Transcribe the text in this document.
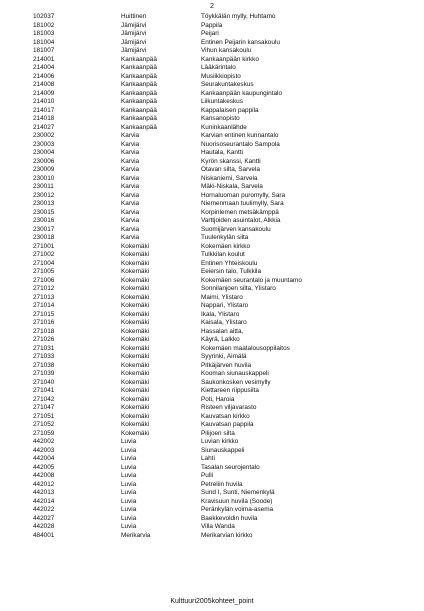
2
102037	Huittinen	Töykkälän mylly, Huhtamo
181002	Jämijärvi	Pappila
181003	Jämijärvi	Peijari
181004	Jämijärvi	Entinen Peijarin kansakoulu
181007	Jämijärvi	Vihun kansakoulu
214001	Kankaanpää	Kankaanpään kirkko
214004	Kankaanpää	Lääkärintalo
214006	Kankaanpää	Musiikkiopisto
214008	Kankaanpää	Seurakuntakeskus
214009	Kankaanpää	Kankaanpään kaupungintalo
214010	Kankaanpää	Liikuntakeskus
214017	Kankaanpää	Kappalaisen pappila
214018	Kankaanpää	Kansanopisto
214027	Kankaanpää	Kuninkaanlähde
230002	Karvia	Karvian entinen kunnantalo
230003	Karvia	Nuorisoseurantalo Sampola
230004	Karvia	Hautala, Kantti
230006	Karvia	Kyrön skanssi, Kantti
230009	Karvia	Otavan silta, Sarvela
230010	Karvia	Niskaniemi, Sarvela
230011	Karvia	Mäki-Niskala, Sarvela
230012	Karvia	Hornaluoman puromylly, Sara
230013	Karvia	Niemenmaan tuulimylly, Sara
230015	Karvia	Korpinlemen metsäkämppä
230016	Karvia	Varttjoiden asuintalot, Alkkia
230017	Karvia	Suomijärven kansakoulu
230018	Karvia	Tuulenkylän silta
271001	Kokemäki	Kokemäen kirkko
271002	Kokemäki	Tulkkilan koulut
271004	Kokemäki	Entinen Yhteiskoulu
271005	Kokemäki	Eeiersin talo, Tulkkila
271006	Kokemäki	Kokemäen seurantalo ja muuntamo
271012	Kokemäki	Sonnilanjoen silta, Ylistaro
271013	Kokemäki	Maimi, Ylistaro
271014	Kokemäki	Nappari, Ylistaro
271015	Kokemäki	Ikala, Ylistaro
271016	Kokemäki	Kaisala, Ylistaro
271018	Kokemäki	Hassalan aitta,
271026	Kokemäki	Käyrä, Lalkko
271031	Kokemäki	Kokemäen maatalousoppilaitos
271033	Kokemäki	Syyrinki, Äimälä
271038	Kokemäki	Pitkäjärven huvila
271039	Kokemäki	Kooman siunauskappeli
271040	Kokemäki	Saukonkosken vesimylly
271041	Kokemäki	Kiettareen riippusilta
271042	Kokemäki	Poti, Haroia
271047	Kokemäki	Risteen viljavarasto
271051	Kokemäki	Kauvatsan kirkko
271052	Kokemäki	Kauvatsan pappila
271059	Kokemäki	Pilijoen silta
442002	Luvia	Luvian kirkko
442003	Luvia	Siunauskappeli
442004	Luvia	Lahti
442005	Luvia	Tasalan seurojentalo
442008	Luvia	Pulli
442012	Luvia	Petreliin huvila
442013	Luvia	Sund I, Sunti, Niemenkylä
442014	Luvia	Kravisuun huvila (Soode)
442022	Luvia	Peränkylän voima-asema
442027	Luvia	Baekkevoldin huvila
442028	Luvia	Villa Wanda
484001	Merikarvia	Merikarvian kirkko
Kulttuuri2005kohteet_point
